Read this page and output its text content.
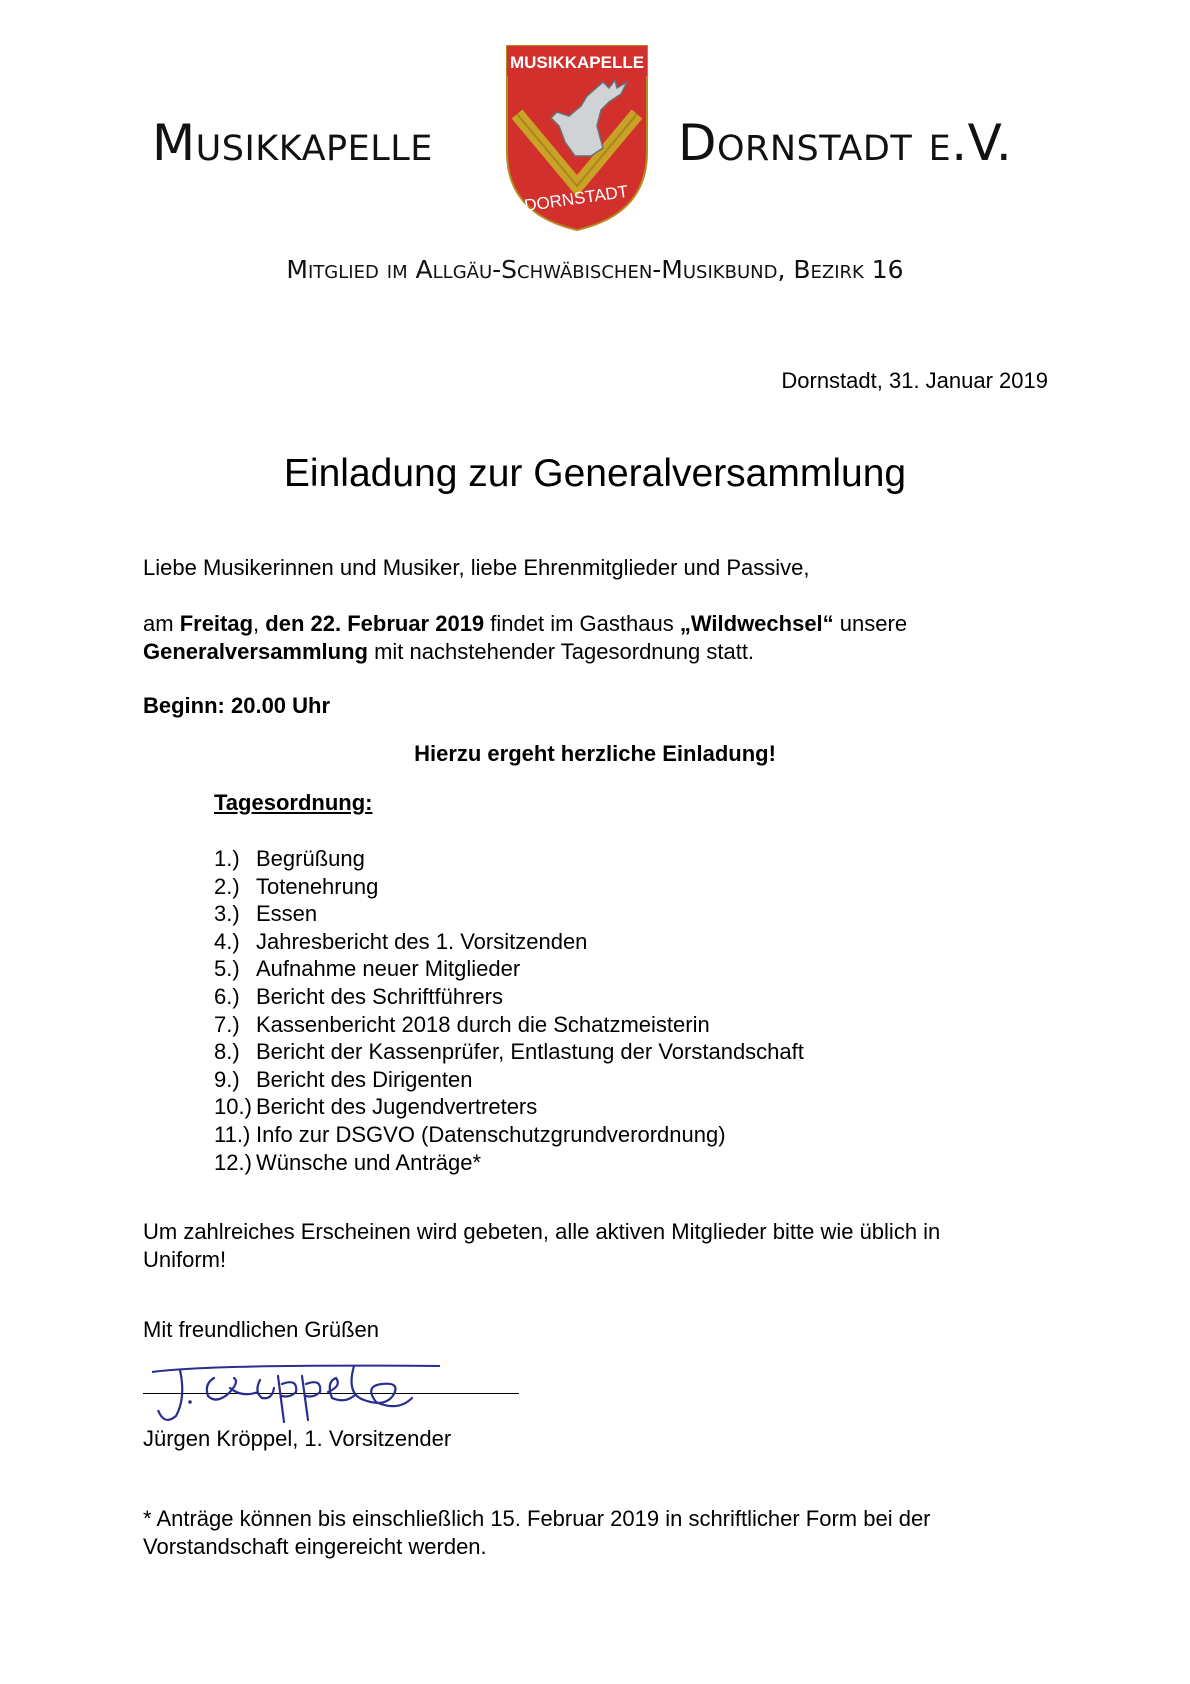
Musikkapelle
MUSIKKAPELLE
DORNSTADT
Dornstadt e.V.
Mitglied im Allgäu-Schwäbischen-Musikbund, Bezirk 16
Dornstadt, 31. Januar 2019
Einladung zur Generalversammlung
Liebe Musikerinnen und Musiker, liebe Ehrenmitglieder und Passive,
am Freitag, den 22. Februar 2019 findet im Gasthaus „Wildwechsel“ unsere
Generalversammlung mit nachstehender Tagesordnung statt.
Beginn: 20.00 Uhr
Hierzu ergeht herzliche Einladung!
Tagesordnung:
1.) Begrüßung
2.) Totenehrung
3.) Essen
4.) Jahresbericht des 1. Vorsitzenden
5.) Aufnahme neuer Mitglieder
6.) Bericht des Schriftführers
7.) Kassenbericht 2018 durch die Schatzmeisterin
8.) Bericht der Kassenprüfer, Entlastung der Vorstandschaft
9.) Bericht des Dirigenten
10.) Bericht des Jugendvertreters
11.) Info zur DSGVO (Datenschutzgrundverordnung)
12.) Wünsche und Anträge*
Um zahlreiches Erscheinen wird gebeten, alle aktiven Mitglieder bitte wie üblich in
Uniform!
Mit freundlichen Grüßen
Jürgen Kröppel, 1. Vorsitzender
* Anträge können bis einschließlich 15. Februar 2019 in schriftlicher Form bei der
Vorstandschaft eingereicht werden.
